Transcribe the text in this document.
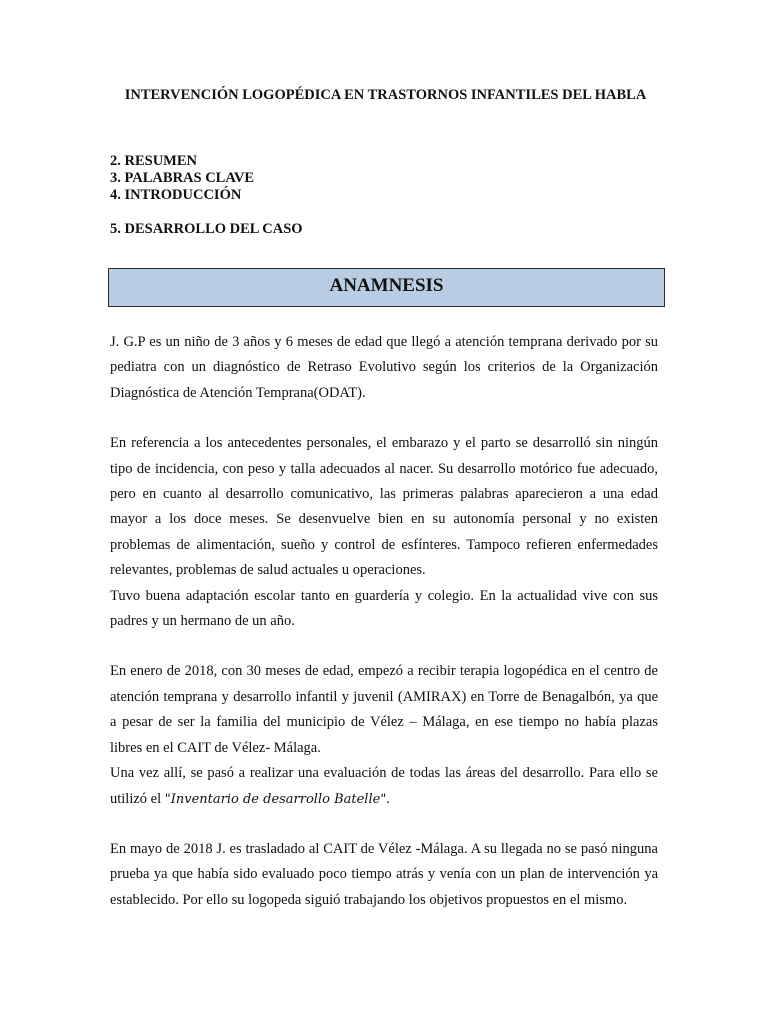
INTERVENCIÓN LOGOPÉDICA EN TRASTORNOS INFANTILES DEL HABLA
2. RESUMEN
3. PALABRAS CLAVE
4. INTRODUCCIÓN
5. DESARROLLO DEL CASO
ANAMNESIS

J. G.P es un niño de 3 años y 6 meses de edad que llegó a atención temprana derivado por su pediatra con un diagnóstico de Retraso Evolutivo según los criterios de la Organización Diagnóstica de Atención Temprana(ODAT).

En referencia a los antecedentes personales, el embarazo y el parto se desarrolló sin ningún tipo de incidencia, con peso y talla adecuados al nacer. Su desarrollo motórico fue adecuado, pero en cuanto al desarrollo comunicativo, las primeras palabras aparecieron a una edad mayor a los doce meses. Se desenvuelve bien en su autonomía personal y no existen problemas de alimentación, sueño y control de esfínteres. Tampoco refieren enfermedades relevantes, problemas de salud actuales u operaciones.

Tuvo buena adaptación escolar tanto en guardería y colegio. En la actualidad vive con sus padres y un hermano de un año.

En enero de 2018, con 30 meses de edad, empezó a recibir terapia logopédica en el centro de atención temprana y desarrollo infantil y juvenil (AMIRAX) en Torre de Benagalbón, ya que a pesar de ser la familia del municipio de Vélez – Málaga, en ese tiempo no había plazas libres en el CAIT de Vélez- Málaga.

Una vez allí, se pasó a realizar una evaluación de todas las áreas del desarrollo. Para ello se utilizó el "Inventario de desarrollo Batelle".

En mayo de 2018 J. es trasladado al CAIT de Vélez -Málaga. A su llegada no se pasó ninguna prueba ya que había sido evaluado poco tiempo atrás y venía con un plan de intervención ya establecido. Por ello su logopeda siguió trabajando los objetivos propuestos en el mismo.
